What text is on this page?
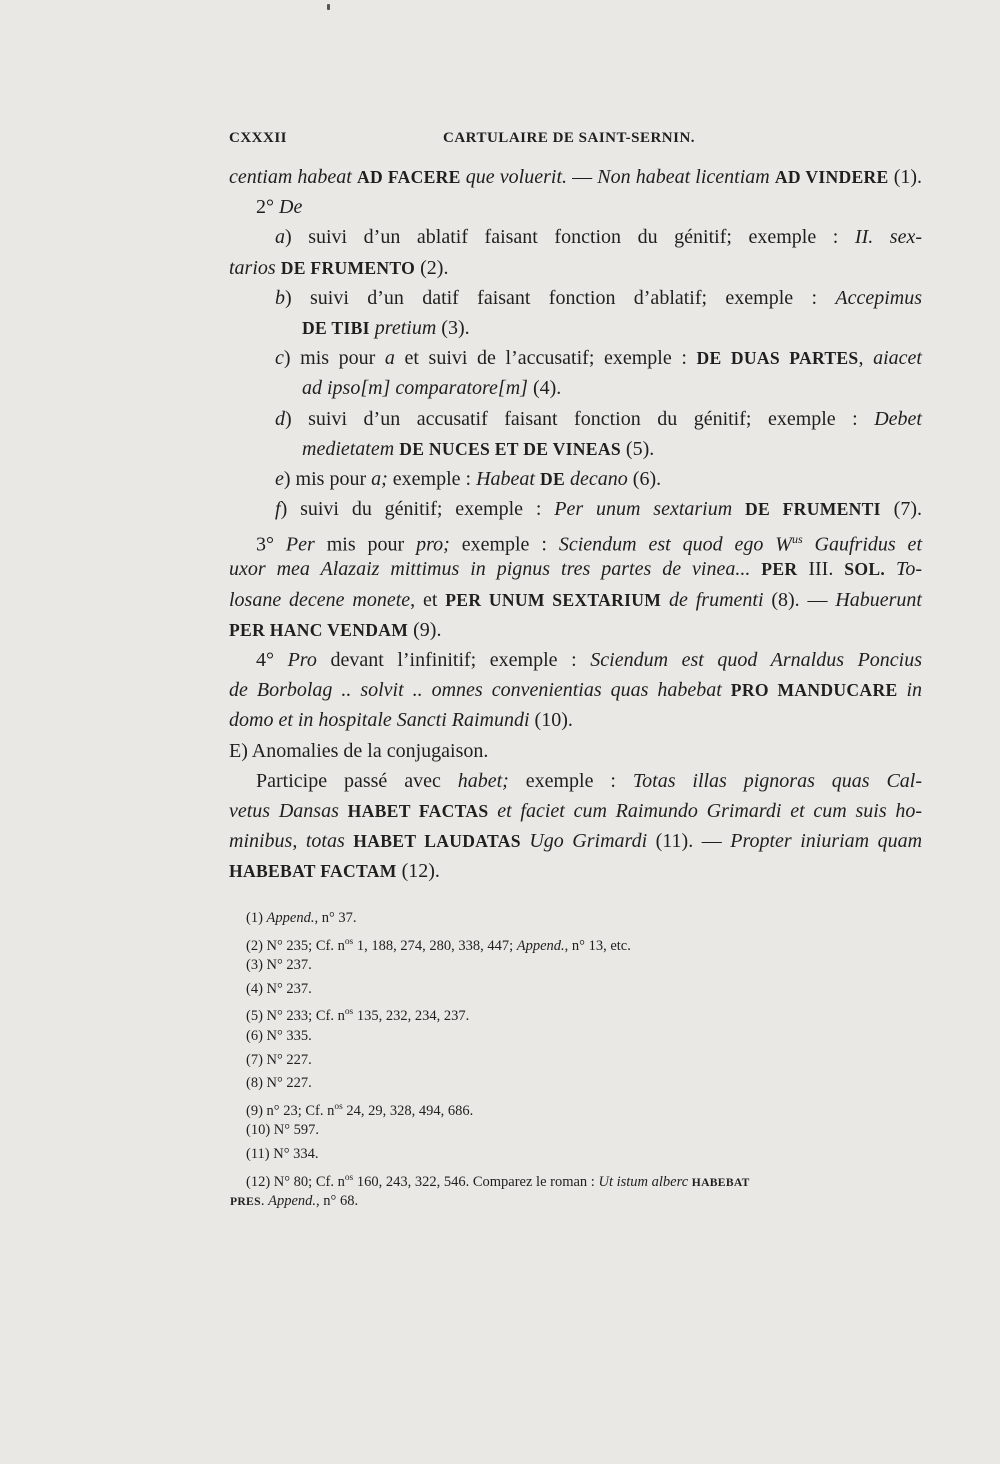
CXXXII	CARTULAIRE DE SAINT-SERNIN.
centiam habeat AD FACERE que voluerit. — Non habeat licentiam AD VINDERE (1).
2° De
a) suivi d’un ablatif faisant fonction du génitif; exemple : II. sex-
tarios DE FRUMENTO (2).
b) suivi d’un datif faisant fonction d’ablatif; exemple : Accepimus
DE TIBI pretium (3).
c) mis pour a et suivi de l’accusatif; exemple : DE DUAS PARTES, aiacet
ad ipso[m] comparatore[m] (4).
d) suivi d’un accusatif faisant fonction du génitif; exemple : Debet
medietatem DE NUCES ET DE VINEAS (5).
e) mis pour a; exemple : Habeat DE decano (6).
f) suivi du génitif; exemple : Per unum sextarium DE FRUMENTI (7).
3° Per mis pour pro; exemple : Sciendum est quod ego $W^{us}$ Gaufridus et
uxor mea Alazaiz mittimus in pignus tres partes de vinea... PER III. SOL. To-
losane decene monete, et PER UNUM SEXTARIUM de frumenti (8). — Habuerunt
PER HANC VENDAM (9).
4° Pro devant l’infinitif; exemple : Sciendum est quod Arnaldus Poncius
de Borbolag .. solvit .. omnes convenientias quas habebat PRO MANDUCARE in
domo et in hospitale Sancti Raimundi (10).
E) Anomalies de la conjugaison.
Participe passé avec habet; exemple : Totas illas pignoras quas Cal-
vetus Dansas HABET FACTAS et faciet cum Raimundo Grimardi et cum suis ho-
minibus, totas HABET LAUDATAS Ugo Grimardi (11). — Propter iniuriam quam
HABEBAT FACTAM (12).
(1) Append., n° 37.
(2) N° 235; Cf. $n^{os}$ 1, 188, 274, 280, 338, 447; Append., n° 13, etc.
(3) N° 237.
(4) N° 237.
(5) N° 233; Cf. $n^{os}$ 135, 232, 234, 237.
(6) N° 335.
(7) N° 227.
(8) N° 227.
(9) n° 23; Cf. $n^{os}$ 24, 29, 328, 494, 686.
(10) N° 597.
(11) N° 334.
(12) N° 80; Cf. $n^{os}$ 160, 243, 322, 546. Comparez le roman : Ut istum alberc HABEBAT
PRES. Append., n° 68.
